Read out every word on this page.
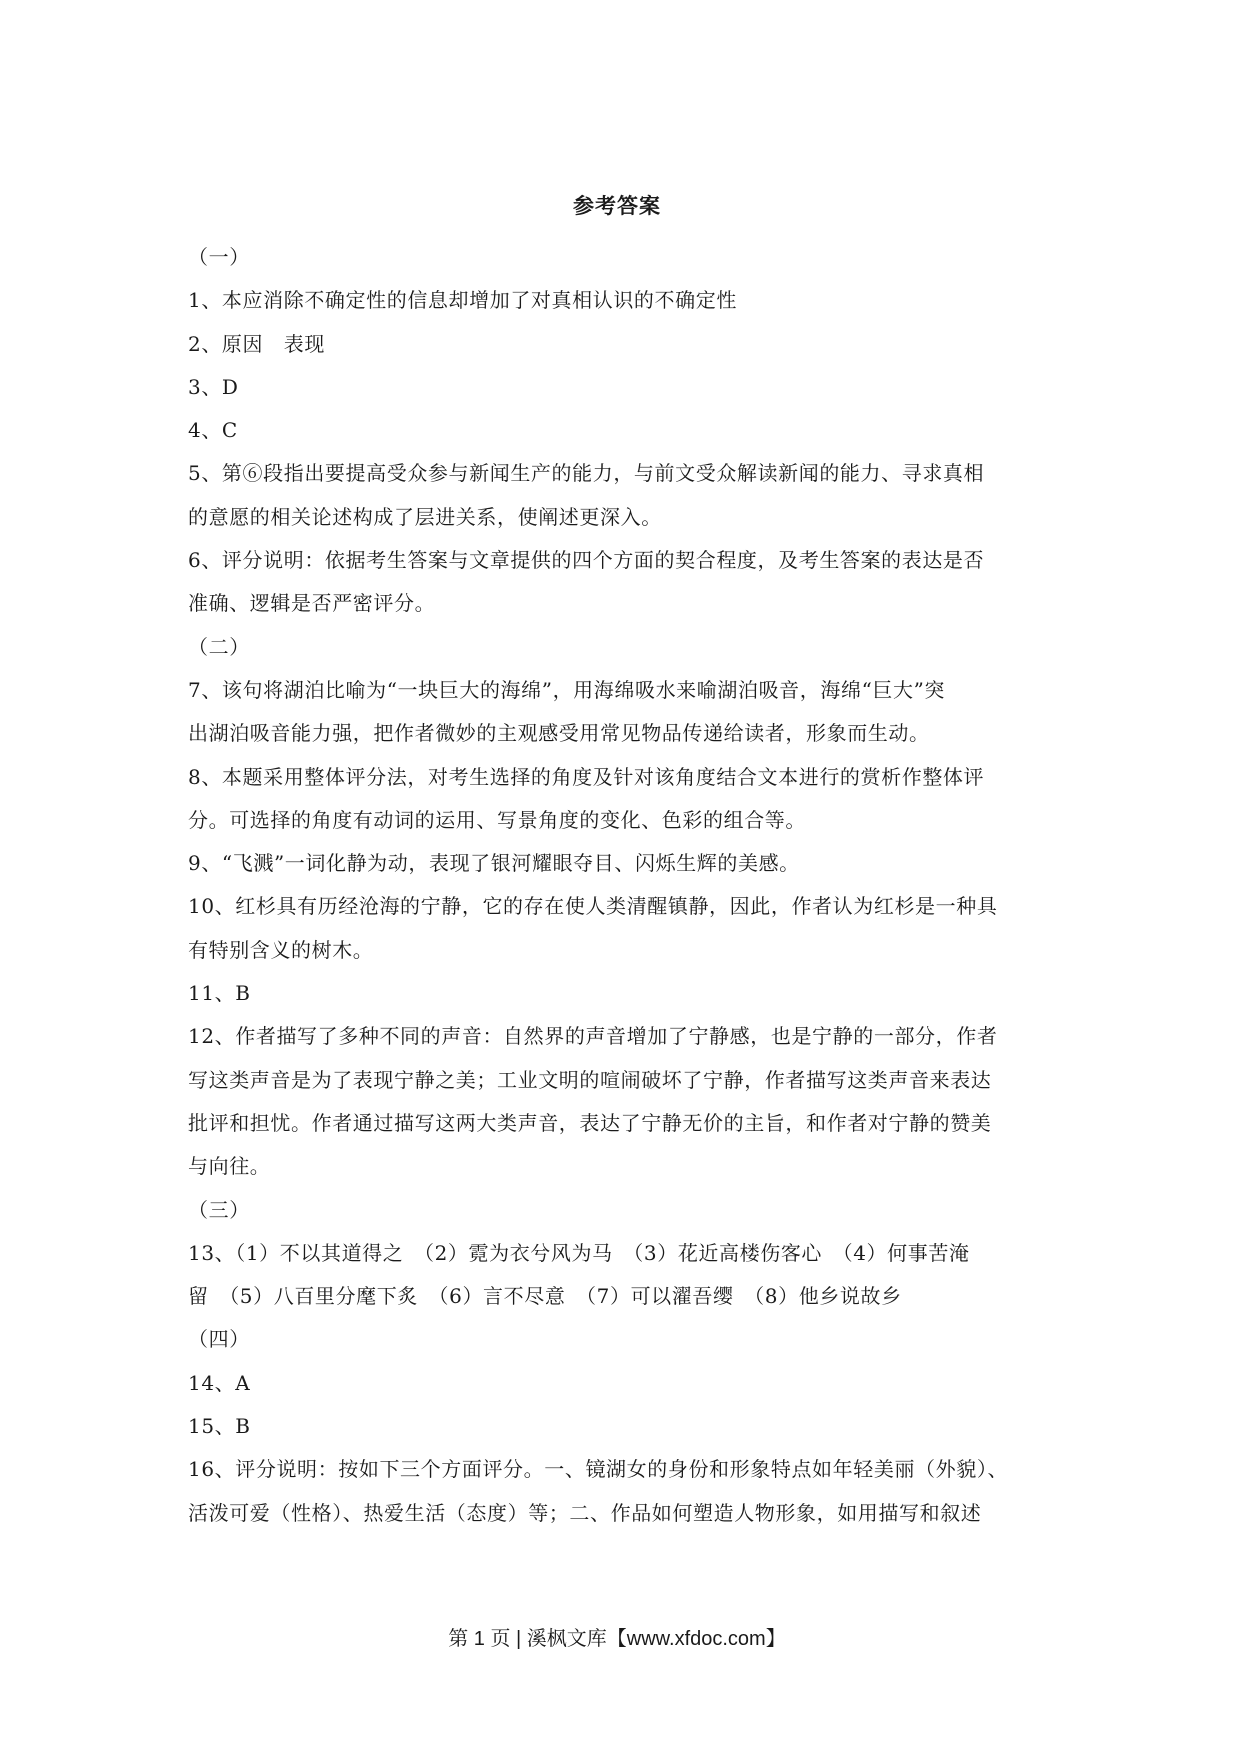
参考答案
（一）
1、本应消除不确定性的信息却增加了对真相认识的不确定性
2、原因　表现
3、D
4、C
5、第⑥段指出要提高受众参与新闻生产的能力，与前文受众解读新闻的能力、寻求真相
的意愿的相关论述构成了层进关系，使阐述更深入。
6、评分说明：依据考生答案与文章提供的四个方面的契合程度，及考生答案的表达是否
准确、逻辑是否严密评分。
（二）
7、该句将湖泊比喻为“一块巨大的海绵”，用海绵吸水来喻湖泊吸音，海绵“巨大”突
出湖泊吸音能力强，把作者微妙的主观感受用常见物品传递给读者，形象而生动。
8、本题采用整体评分法，对考生选择的角度及针对该角度结合文本进行的赏析作整体评
分。可选择的角度有动词的运用、写景角度的变化、色彩的组合等。
9、“飞溅”一词化静为动，表现了银河耀眼夺目、闪烁生辉的美感。
10、红杉具有历经沧海的宁静，它的存在使人类清醒镇静，因此，作者认为红杉是一种具
有特别含义的树木。
11、B
12、作者描写了多种不同的声音：自然界的声音增加了宁静感，也是宁静的一部分，作者
写这类声音是为了表现宁静之美；工业文明的喧闹破坏了宁静，作者描写这类声音来表达
批评和担忧。作者通过描写这两大类声音，表达了宁静无价的主旨，和作者对宁静的赞美
与向往。
（三）
13、（1）不以其道得之　（2）霓为衣兮风为马　（3）花近高楼伤客心　（4）何事苦淹
留　（5）八百里分麾下炙　（6）言不尽意　（7）可以濯吾缨　（8）他乡说故乡
（四）
14、A
15、B
16、评分说明：按如下三个方面评分。一、镜湖女的身份和形象特点如年轻美丽（外貌）、
活泼可爱（性格）、热爱生活（态度）等；二、作品如何塑造人物形象，如用描写和叙述
第 1 页 | 溪枫文库【www.xfdoc.com】
